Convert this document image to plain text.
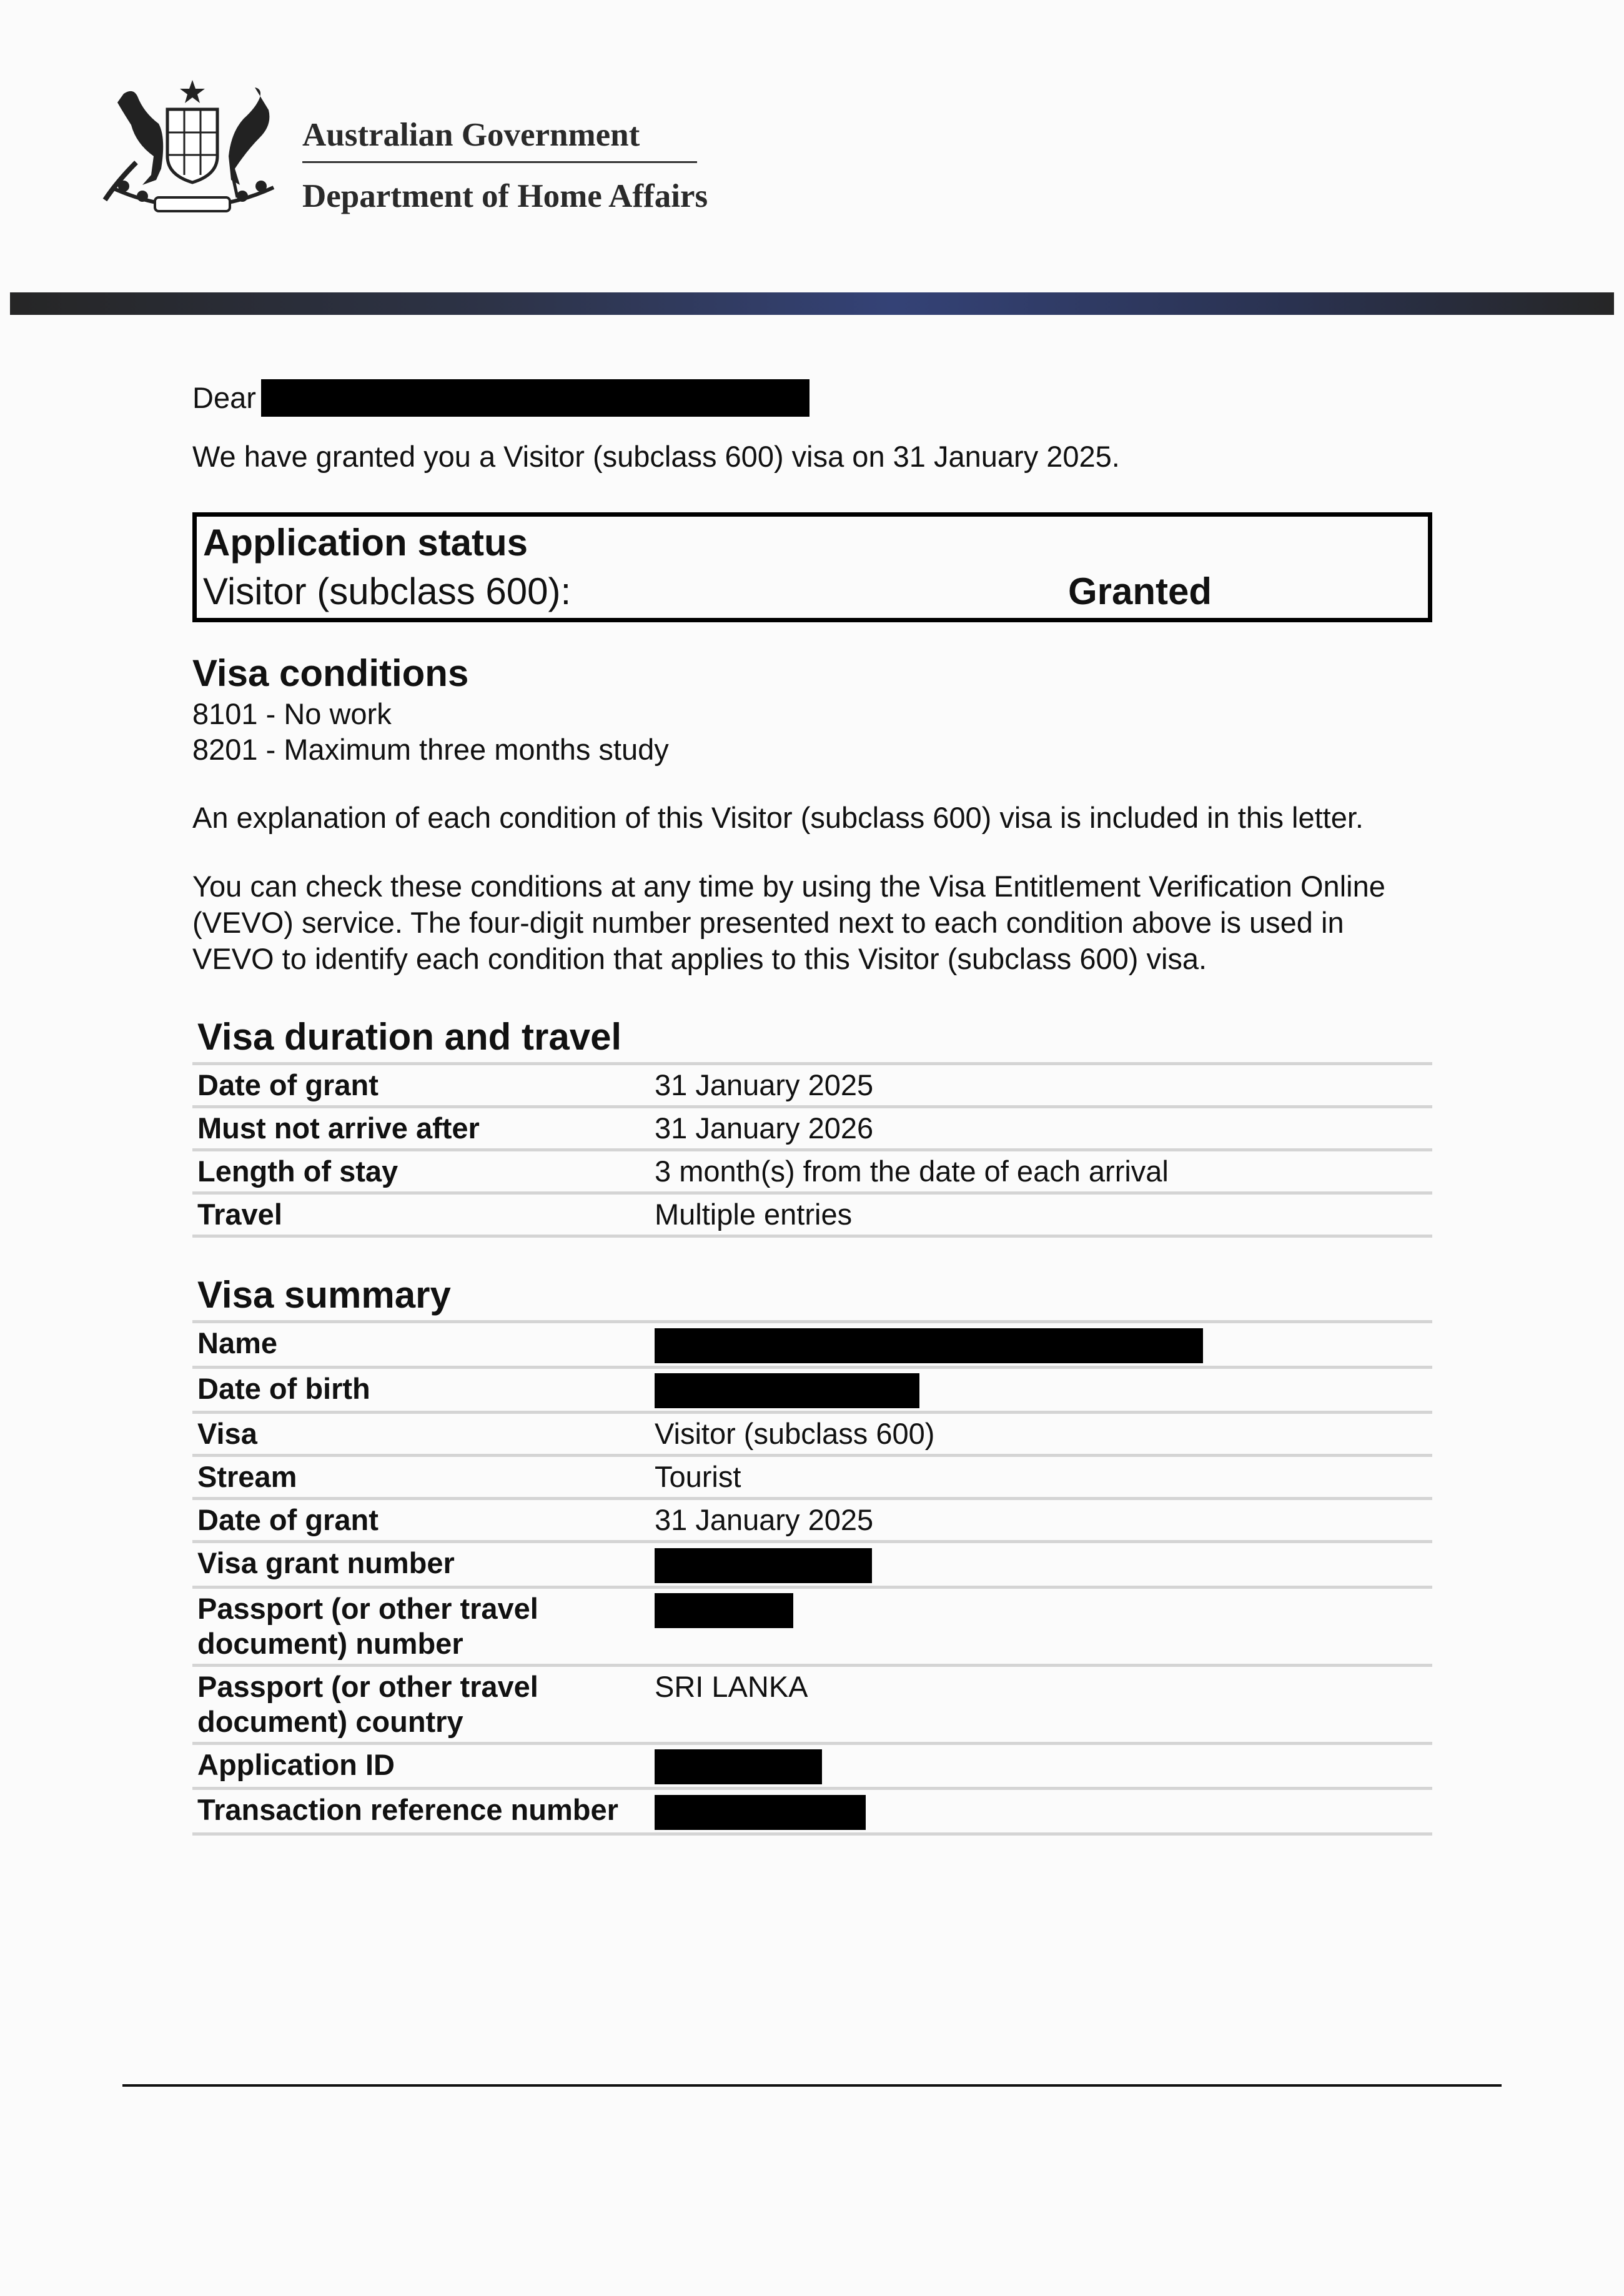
Australian Government
Department of Home Affairs
Dear

We have granted you a Visitor (subclass 600) visa on 31 January 2025.

Application status
Visitor (subclass 600):	Granted
Visa conditions

8101 - No work

8201 - Maximum three months study

An explanation of each condition of this Visitor (subclass 600) visa is included in this letter.

You can check these conditions at any time by using the Visa Entitlement Verification Online (VEVO) service. The four-digit number presented next to each condition above is used in VEVO to identify each condition that applies to this Visitor (subclass 600) visa.

Visa duration and travel
Date of grant	31 January 2025
Must not arrive after	31 January 2026
Length of stay	3 month(s) from the date of each arrival
Travel	Multiple entries
Visa summary
Name	
Date of birth	
Visa	Visitor (subclass 600)
Stream	Tourist
Date of grant	31 January 2025
Visa grant number	
Passport (or other travel document) number	
Passport (or other travel document) country	SRI LANKA
Application ID	
Transaction reference number	
